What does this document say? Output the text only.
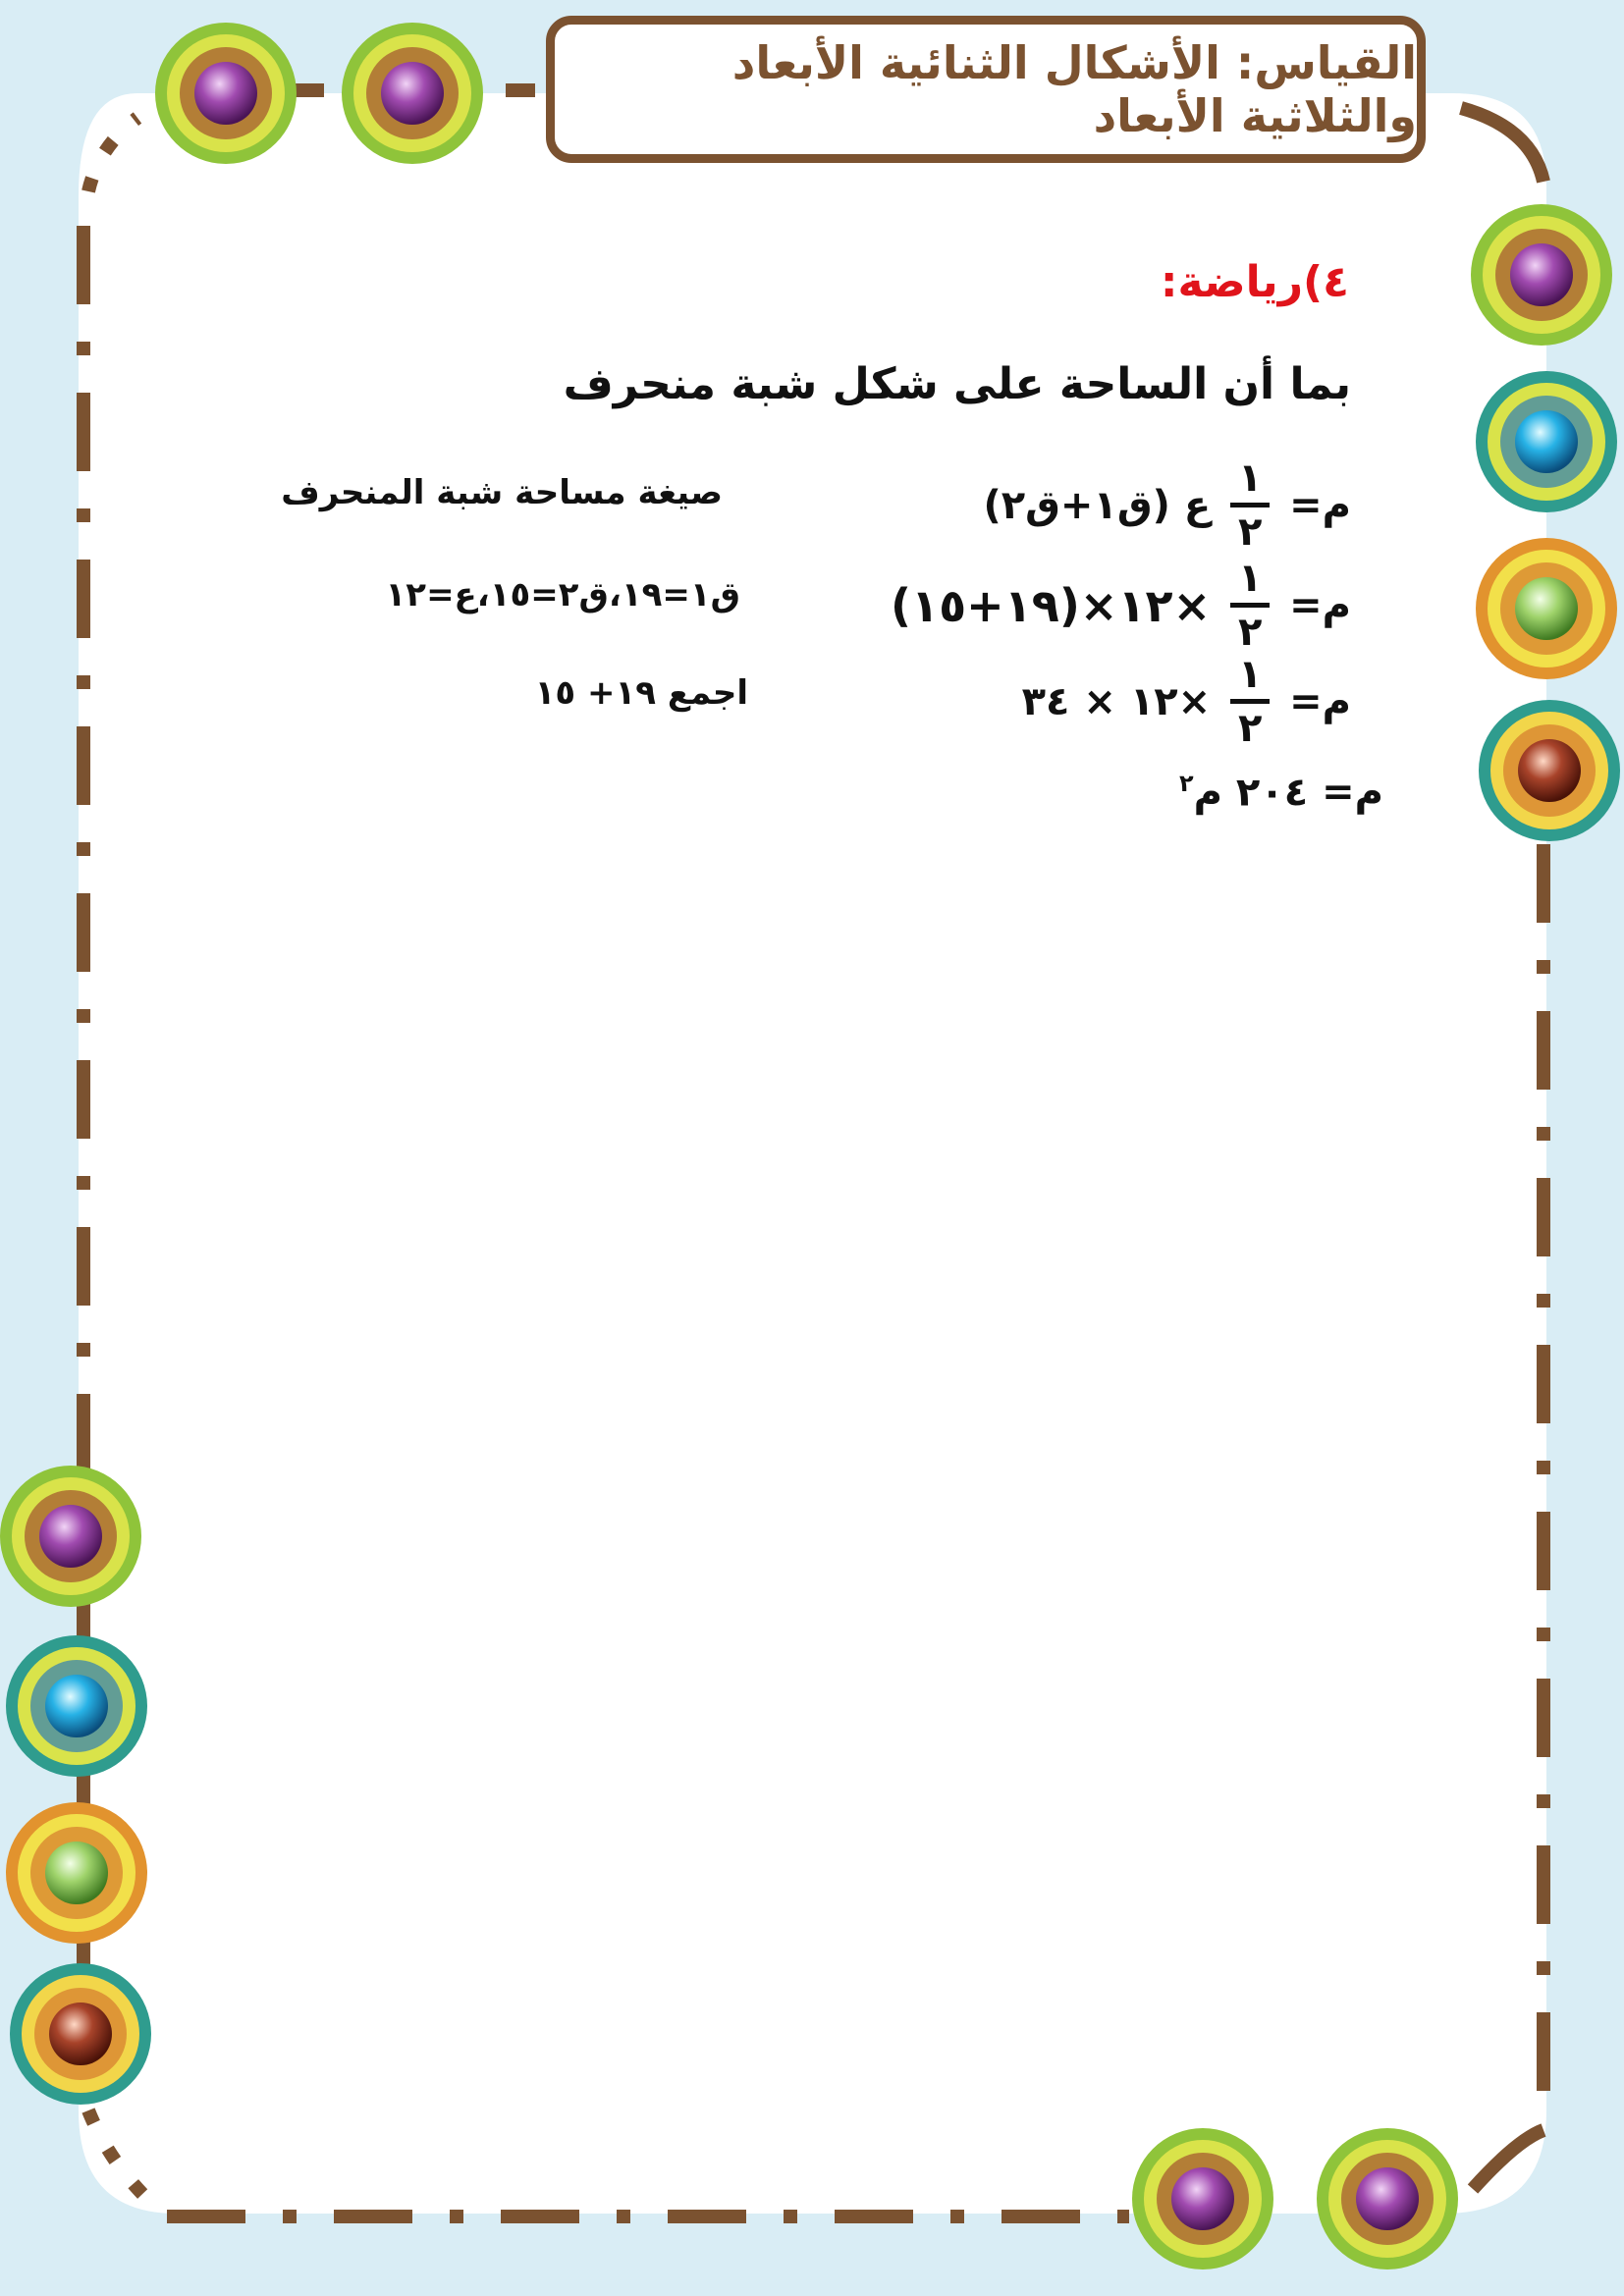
القياس: الأشكال الثنائية الأبعاد والثلاثية الأبعاد
٤)رياضة:
بما أن الساحة على شكل شبة منحرف
م=
١
٢
ع (ق١+ق٢)
صيغة مساحة شبة المنحرف
م=
١
٢
×١٢×(١٩+١٥)
ق١=١٩،ق٢=١٥،ع=١٢
م=
١
٢
×١٢ × ٣٤
اجمع ١٩+ ١٥
م=
٢٠٤ م$^٢$
